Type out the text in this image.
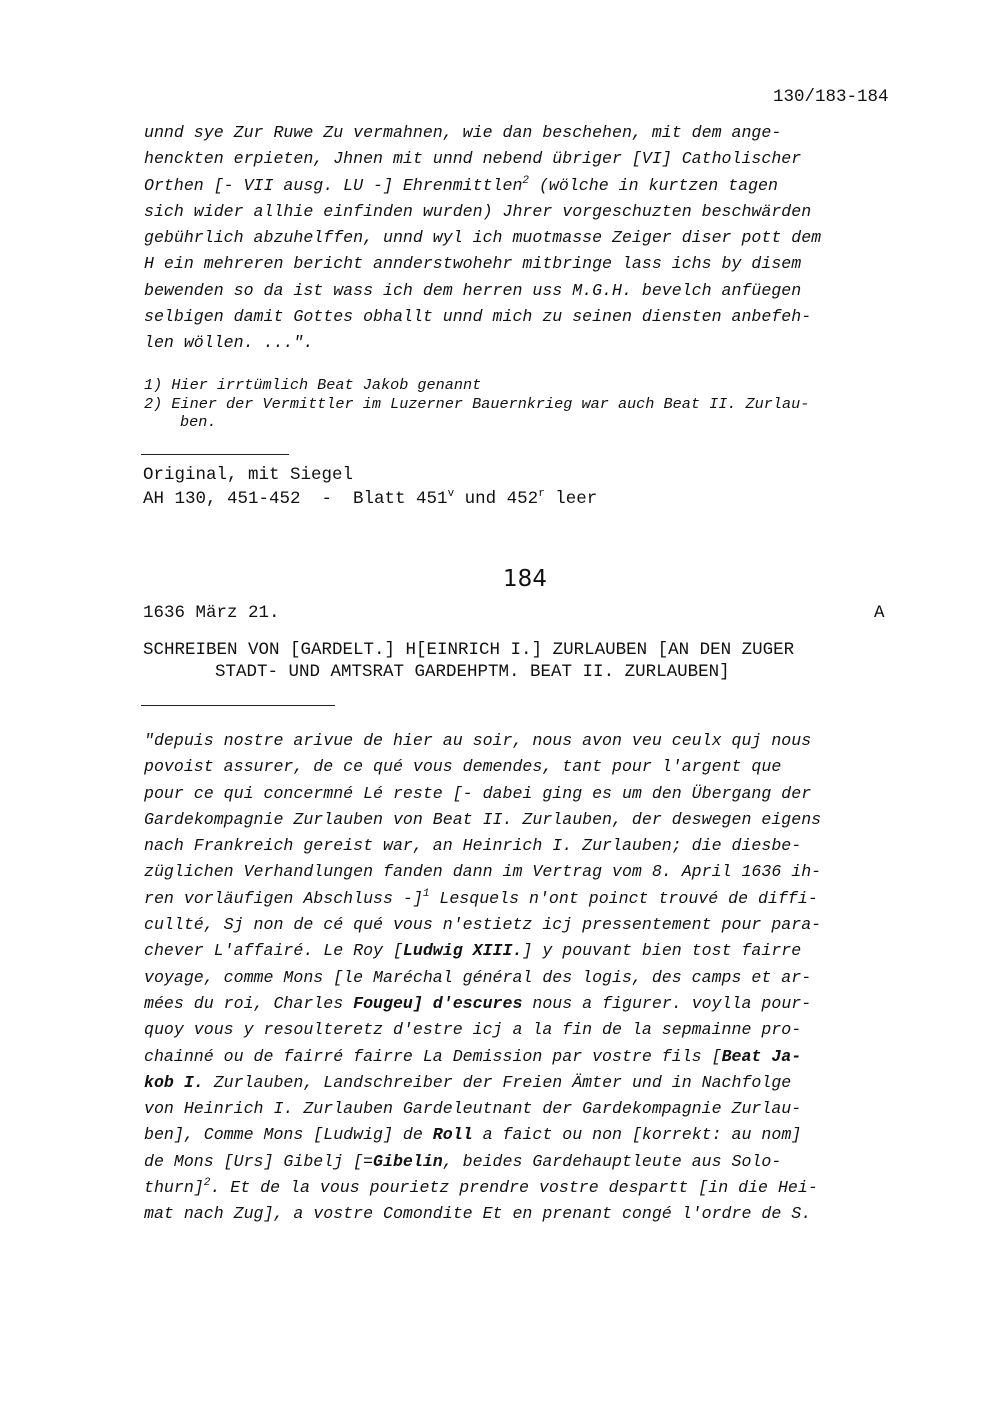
130/183-184
unnd sye Zur Ruwe Zu vermahnen, wie dan beschehen, mit dem ange-
henckten erpieten, Jhnen mit unnd nebend übriger [VI] Catholischer
Orthen [- VII ausg. LU -] Ehrenmittlen$^2$ (wölche in kurtzen tagen
sich wider allhie einfinden wurden) Jhrer vorgeschuzten beschwärden
gebührlich abzuhelffen, unnd wyl ich muotmasse Zeiger diser pott dem
H ein mehreren bericht annderstwohehr mitbringe lass ichs by disem
bewenden so da ist wass ich dem herren uss M.G.H. bevelch anfüegen
selbigen damit Gottes obhallt unnd mich zu seinen diensten anbefeh-
len wöllen. ...".
1) Hier irrtümlich Beat Jakob genannt
2) Einer der Vermittler im Luzerner Bauernkrieg war auch Beat II. Zurlau-
ben.
Original, mit Siegel
AH 130, 451-452  -  Blatt 451$^v$ und 452$^r$ leer
184
1636 März 21.	A
SCHREIBEN VON [GARDELT.] H[EINRICH I.] ZURLAUBEN [AN DEN ZUGER
STADT- UND AMTSRAT GARDEHPTM. BEAT II. ZURLAUBEN]
"depuis nostre arivue de hier au soir, nous avon veu ceulx quj nous
povoist assurer, de ce qué vous demendes, tant pour l'argent que
pour ce qui concermné Lé reste [- dabei ging es um den Übergang der
Gardekompagnie Zurlauben von Beat II. Zurlauben, der deswegen eigens
nach Frankreich gereist war, an Heinrich I. Zurlauben; die diesbe-
züglichen Verhandlungen fanden dann im Vertrag vom 8. April 1636 ih-
ren vorläufigen Abschluss -]$^1$ Lesquels n'ont poinct trouvé de diffi-
cullté, Sj non de cé qué vous n'estietz icj pressentement pour para-
chever L'affairé. Le Roy [Ludwig XIII.] y pouvant bien tost fairre
voyage, comme Mons [le Maréchal général des logis, des camps et ar-
mées du roi, Charles Fougeu] d'escures nous a figurer. voylla pour-
quoy vous y resoulteretz d'estre icj a la fin de la sepmainne pro-
chainné ou de fairré fairre La Demission par vostre fils [Beat Ja-
kob I. Zurlauben, Landschreiber der Freien Ämter und in Nachfolge
von Heinrich I. Zurlauben Gardeleutnant der Gardekompagnie Zurlau-
ben], Comme Mons [Ludwig] de Roll a faict ou non [korrekt: au nom]
de Mons [Urs] Gibelj [=Gibelin, beides Gardehauptleute aus Solo-
thurn]$^2$. Et de la vous pourietz prendre vostre despartt [in die Hei-
mat nach Zug], a vostre Comondite Et en prenant congé l'ordre de S.
